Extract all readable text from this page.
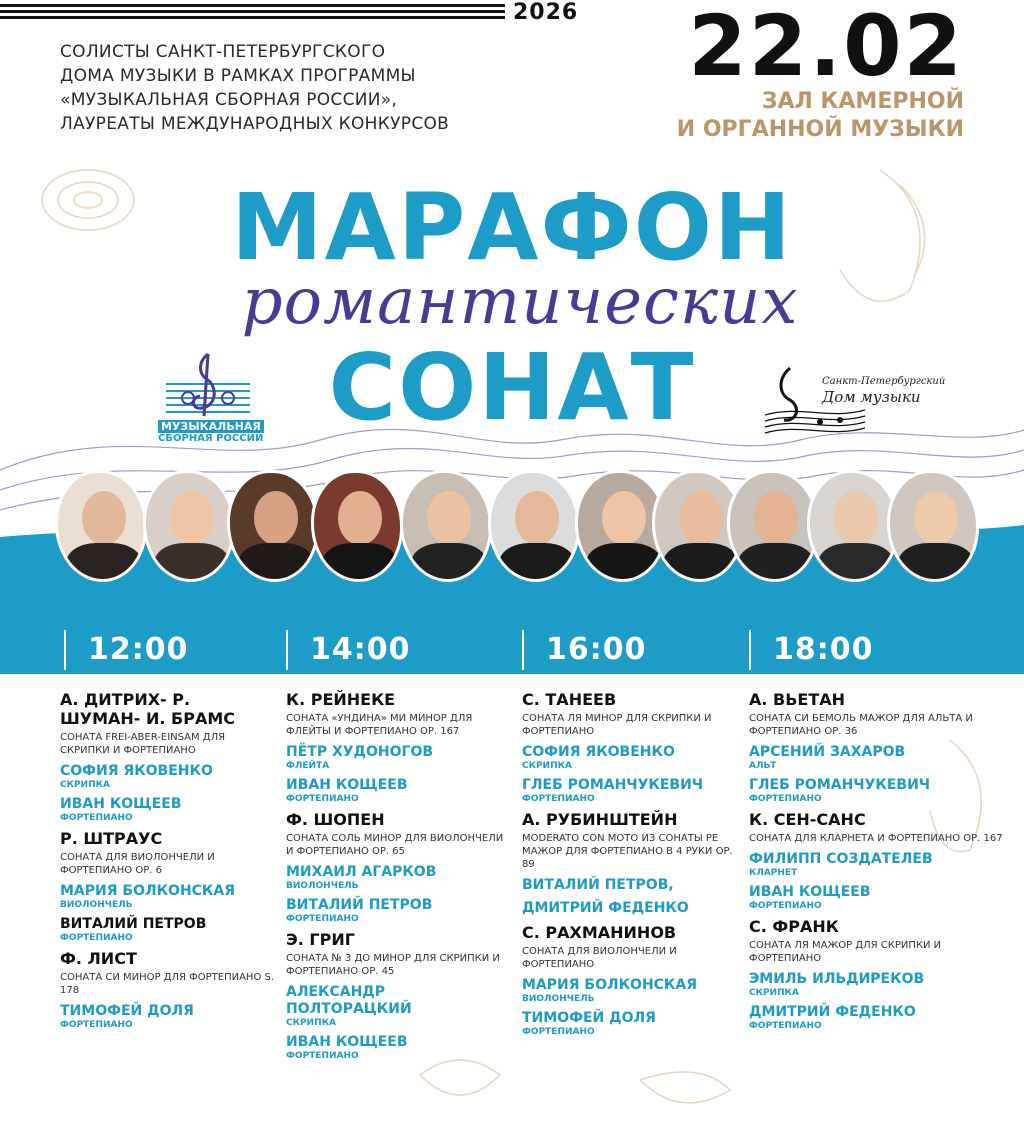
2026
СОЛИСТЫ САНКТ-ПЕТЕРБУРГСКОГО
ДОМА МУЗЫКИ В РАМКАХ ПРОГРАММЫ
«МУЗЫКАЛЬНАЯ СБОРНАЯ РОССИИ»,
ЛАУРЕАТЫ МЕЖДУНАРОДНЫХ КОНКУРСОВ
22.02
ЗАЛ КАМЕРНОЙ
И ОРГАННОЙ МУЗЫКИ
МАРАФОН
романтических
СОНАТ
МУЗЫКАЛЬНАЯ
СБОРНАЯ РОССИИ
Санкт-Петербургский
Дом музыки
12:00	14:00	16:00	18:00
А. ДИТРИХ- Р. ШУМАН- И. БРАМС
СОНАТА FREI-ABER-EINSAM ДЛЯ СКРИПКИ И ФОРТЕПИАНО
СОФИЯ ЯКОВЕНКО
СКРИПКА
ИВАН КОЩЕЕВ
ФОРТЕПИАНО
Р. ШТРАУС
СОНАТА ДЛЯ ВИОЛОНЧЕЛИ И ФОРТЕПИАНО ОР. 6
МАРИЯ БОЛКОНСКАЯ
ВИОЛОНЧЕЛЬ
ВИТАЛИЙ ПЕТРОВ
ФОРТЕПИАНО
Ф. ЛИСТ
СОНАТА СИ МИНОР ДЛЯ ФОРТЕПИАНО S. 178
ТИМОФЕЙ ДОЛЯ
ФОРТЕПИАНО
К. РЕЙНЕКЕ
СОНАТА «УНДИНА» МИ МИНОР ДЛЯ ФЛЕЙТЫ И ФОРТЕПИАНО ОР. 167
ПЁТР ХУДОНОГОВ
ФЛЕЙТА
ИВАН КОЩЕЕВ
ФОРТЕПИАНО
Ф. ШОПЕН
СОНАТА СОЛЬ МИНОР ДЛЯ ВИОЛОНЧЕЛИ И ФОРТЕПИАНО ОР. 65
МИХАИЛ АГАРКОВ
ВИОЛОНЧЕЛЬ
ВИТАЛИЙ ПЕТРОВ
ФОРТЕПИАНО
Э. ГРИГ
СОНАТА № 3 ДО МИНОР ДЛЯ СКРИПКИ И ФОРТЕПИАНО ОР. 45
АЛЕКСАНДР ПОЛТОРАЦКИЙ
СКРИПКА
ИВАН КОЩЕЕВ
ФОРТЕПИАНО
С. ТАНЕЕВ
СОНАТА ЛЯ МИНОР ДЛЯ СКРИПКИ И ФОРТЕПИАНО
СОФИЯ ЯКОВЕНКО
СКРИПКА
ГЛЕБ РОМАНЧУКЕВИЧ
ФОРТЕПИАНО
А. РУБИНШТЕЙН
MODERATO CON MOTO ИЗ СОНАТЫ РЕ МАЖОР ДЛЯ ФОРТЕПИАНО В 4 РУКИ ОР. 89
ВИТАЛИЙ ПЕТРОВ,
ДМИТРИЙ ФЕДЕНКО
С. РАХМАНИНОВ
СОНАТА ДЛЯ ВИОЛОНЧЕЛИ И ФОРТЕПИАНО
МАРИЯ БОЛКОНСКАЯ
ВИОЛОНЧЕЛЬ
ТИМОФЕЙ ДОЛЯ
ФОРТЕПИАНО
А. ВЬЕТАН
СОНАТА СИ БЕМОЛЬ МАЖОР ДЛЯ АЛЬТА И ФОРТЕПИАНО ОР. 36
АРСЕНИЙ ЗАХАРОВ
АЛЬТ
ГЛЕБ РОМАНЧУКЕВИЧ
ФОРТЕПИАНО
К. СЕН-САНС
СОНАТА ДЛЯ КЛАРНЕТА И ФОРТЕПИАНО ОР. 167
ФИЛИПП СОЗДАТЕЛЕВ
КЛАРНЕТ
ИВАН КОЩЕЕВ
ФОРТЕПИАНО
С. ФРАНК
СОНАТА ЛЯ МАЖОР ДЛЯ СКРИПКИ И ФОРТЕПИАНО
ЭМИЛЬ ИЛЬДИРЕКОВ
СКРИПКА
ДМИТРИЙ ФЕДЕНКО
ФОРТЕПИАНО
